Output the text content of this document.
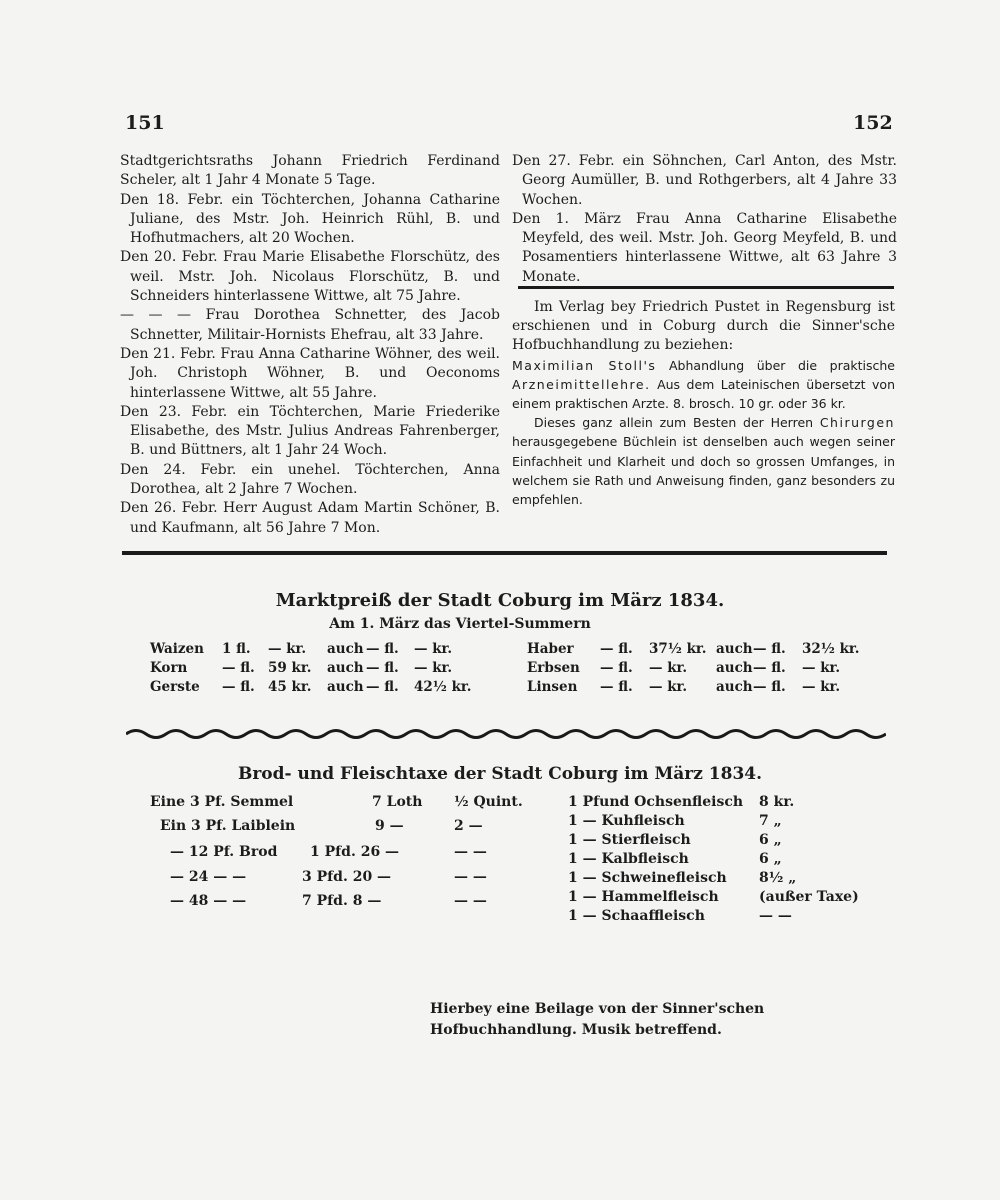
151	152

Stadtgerichtsraths Johann Friedrich Ferdinand Scheler, alt 1 Jahr 4 Monate 5 Tage.

Den 18. Febr. ein Töchterchen, Johanna Catharine Juliane, des Mstr. Joh. Heinrich Rühl, B. und Hofhutmachers, alt 20 Wochen.

Den 20. Febr. Frau Marie Elisabethe Florschütz, des weil. Mstr. Joh. Nicolaus Florschütz, B. und Schneiders hinterlassene Wittwe, alt 75 Jahre.

— — — Frau Dorothea Schnetter, des Jacob Schnetter, Militair-Hornists Ehefrau, alt 33 Jahre.

Den 21. Febr. Frau Anna Catharine Wöhner, des weil. Joh. Christoph Wöhner, B. und Oeconoms hinterlassene Wittwe, alt 55 Jahre.

Den 23. Febr. ein Töchterchen, Marie Friederike Elisabethe, des Mstr. Julius Andreas Fahrenberger, B. und Büttners, alt 1 Jahr 24 Woch.

Den 24. Febr. ein unehel. Töchterchen, Anna Dorothea, alt 2 Jahre 7 Wochen.

Den 26. Febr. Herr August Adam Martin Schöner, B. und Kaufmann, alt 56 Jahre 7 Mon.

Den 27. Febr. ein Söhnchen, Carl Anton, des Mstr. Georg Aumüller, B. und Rothgerbers, alt 4 Jahre 33 Wochen.

Den 1. März Frau Anna Catharine Elisabethe Meyfeld, des weil. Mstr. Joh. Georg Meyfeld, B. und Posamentiers hinterlassene Wittwe, alt 63 Jahre 3 Monate.

Im Verlag bey Friedrich Pustet in Regensburg ist erschienen und in Coburg durch die Sinner'sche Hofbuchhandlung zu beziehen:

Maximilian Stoll's Abhandlung über die praktische Arzneimittellehre. Aus dem Lateinischen übersetzt von einem praktischen Arzte. 8. brosch. 10 gr. oder 36 kr.

Dieses ganz allein zum Besten der Herren Chirurgen herausgegebene Büchlein ist denselben auch wegen seiner Einfachheit und Klarheit und doch so grossen Umfanges, in welchem sie Rath und Anweisung finden, ganz besonders zu empfehlen.

Marktpreiß der Stadt Coburg im März 1834.
Am 1. März das Viertel-Summern
Waizen 1 fl. — kr. auch — fl. — kr.
Korn	— fl. 59 kr. auch — fl. — kr.
Gerste — fl. 45 kr. auch — fl. 42½ kr.
Haber — fl. 37½ kr. auch — fl. 32½ kr.
Erbsen — fl. — kr. auch — fl. — kr.
Linsen — fl. — kr. auch — fl. — kr.
Brod- und Fleischtaxe der Stadt Coburg im März 1834.
Eine 3 Pf. Semmel	7 Loth ½ Quint.
Ein 3 Pf. Laiblein	9 —	2 —
— 12 Pf. Brod 1 Pfd. 26 —	— —
— 24 — —	3 Pfd. 20 —	— —
— 48 — —	7 Pfd. 8 —	— —
1 Pfund Ochsenfleisch 8 kr.
1 — Kuhfleisch	7 „
1 — Stierfleisch	6 „
1 — Kalbfleisch	6 „
1 — Schweinefleisch 8½ „
1 — Hammelfleisch	(außer Taxe)
1 — Schaaffleisch	— —
Hierbey eine Beilage von der Sinner'schen Hofbuchhandlung. Musik betreffend.
